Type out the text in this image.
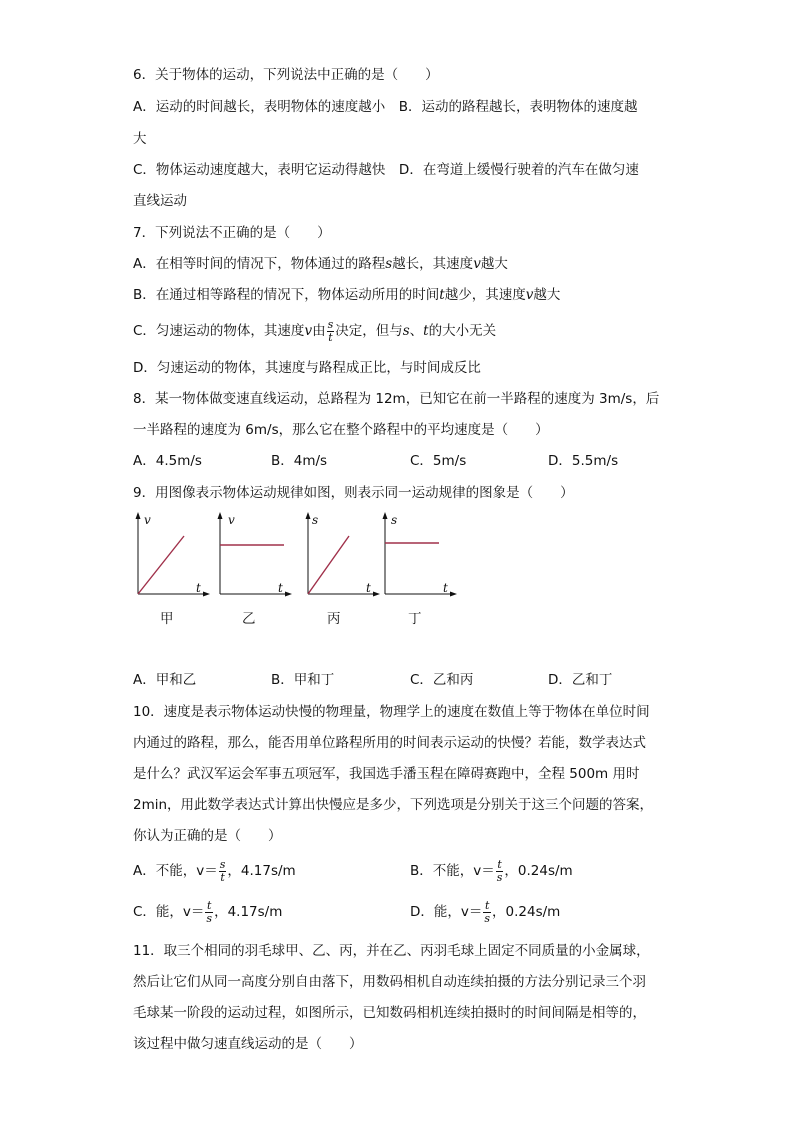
6．关于物体的运动，下列说法中正确的是（　　）
A．运动的时间越长，表明物体的速度越小　B．运动的路程越长，表明物体的速度越
大
C．物体运动速度越大，表明它运动得越快　D．在弯道上缓慢行驶着的汽车在做匀速
直线运动
7．下列说法不正确的是（　　）
A．在相等时间的情况下，物体通过的路程s越长，其速度v越大
B．在通过相等路程的情况下，物体运动所用的时间t越少，其速度v越大
C．匀速运动的物体，其速度v由 $\frac{s}{t}$ 决定，但与s、t的大小无关
D．匀速运动的物体，其速度与路程成正比，与时间成反比
8．某一物体做变速直线运动，总路程为 12m，已知它在前一半路程的速度为 3m/s，后
一半路程的速度为 6m/s，那么它在整个路程中的平均速度是（　　）
A．4.5m/s	B．4m/s	C．5m/s	D．5.5m/s
9．用图像表示物体运动规律如图，则表示同一运动规律的图象是（　　）
v
t
v
t
s
t
s
t
甲	乙	丙	丁
A．甲和乙	B．甲和丁	C．乙和丙	D．乙和丁
10．速度是表示物体运动快慢的物理量，物理学上的速度在数值上等于物体在单位时间
内通过的路程，那么，能否用单位路程所用的时间表示运动的快慢？若能，数学表达式
是什么？武汉军运会军事五项冠军，我国选手潘玉程在障碍赛跑中，全程 500m 用时
2min，用此数学表达式计算出快慢应是多少，下列选项是分别关于这三个问题的答案，
你认为正确的是（　　）
A．不能，$v= \frac{s}{t}$ ，4.17s/m	B．不能，$v= \frac{t}{s}$ ，0.24s/m
C．能，$v= \frac{t}{s}$ ，4.17s/m	D．能，$v= \frac{t}{s}$ ，0.24s/m
11．取三个相同的羽毛球甲、乙、丙，并在乙、丙羽毛球上固定不同质量的小金属球，
然后让它们从同一高度分别自由落下，用数码相机自动连续拍摄的方法分别记录三个羽
毛球某一阶段的运动过程，如图所示，已知数码相机连续拍摄时的时间间隔是相等的，
该过程中做匀速直线运动的是（　　）
